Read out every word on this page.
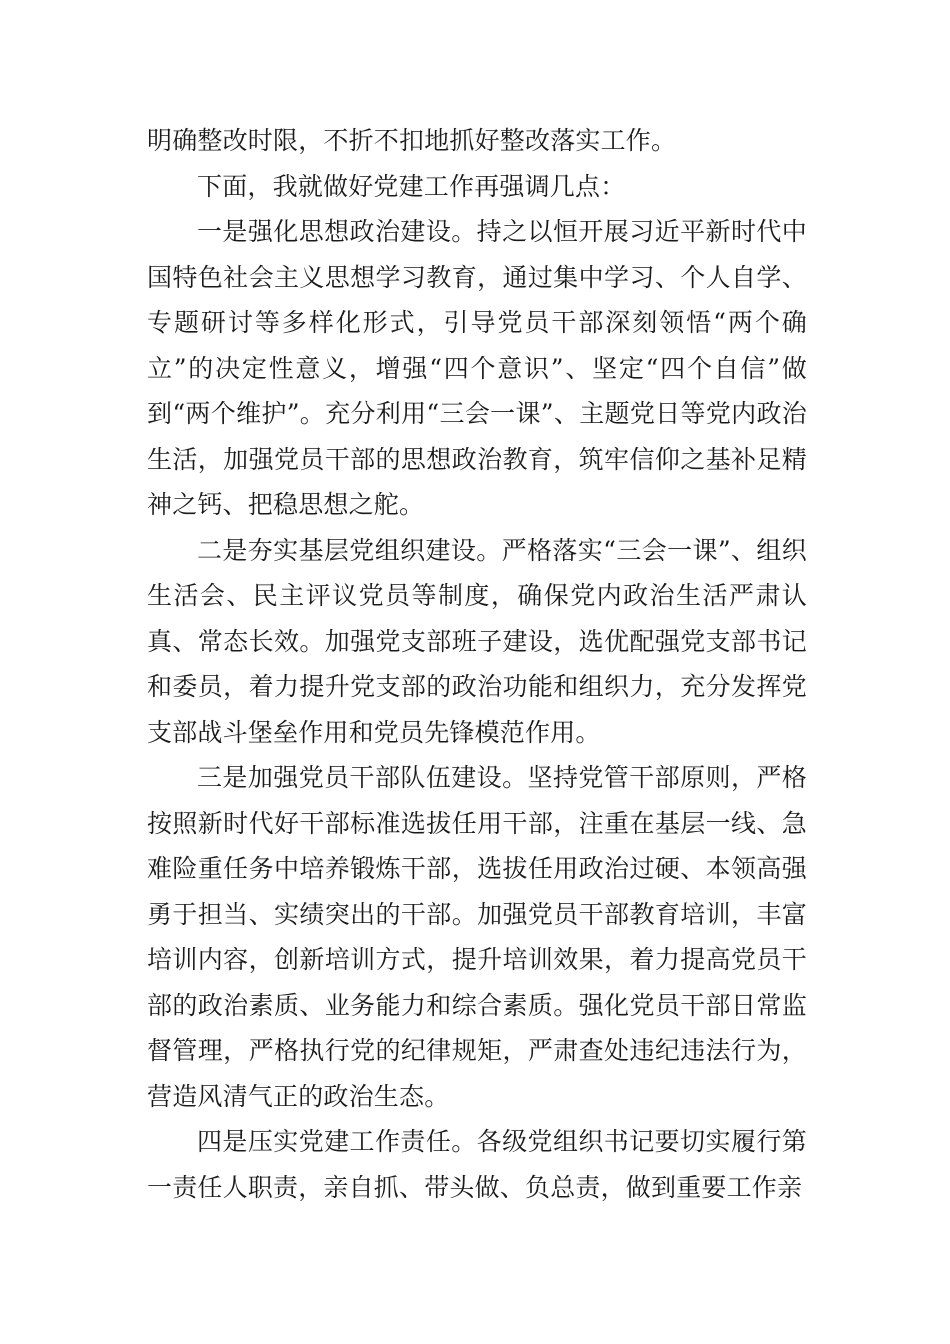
明确整改时限，不折不扣地抓好整改落实工作。

下面，我就做好党建工作再强调几点：

一是强化思想政治建设。持之以恒开展习近平新时代中国特色社会主义思想学习教育，通过集中学习、个人自学、专题研讨等多样化形式，引导党员干部深刻领悟“两个确立”的决定性意义，增强“四个意识”、坚定“四个自信”做到“两个维护”。充分利用“三会一课”、主题党日等党内政治生活，加强党员干部的思想政治教育，筑牢信仰之基补足精神之钙、把稳思想之舵。

二是夯实基层党组织建设。严格落实“三会一课”、组织生活会、民主评议党员等制度，确保党内政治生活严肃认真、常态长效。加强党支部班子建设，选优配强党支部书记和委员，着力提升党支部的政治功能和组织力，充分发挥党支部战斗堡垒作用和党员先锋模范作用。

三是加强党员干部队伍建设。坚持党管干部原则，严格按照新时代好干部标准选拔任用干部，注重在基层一线、急难险重任务中培养锻炼干部，选拔任用政治过硬、本领高强勇于担当、实绩突出的干部。加强党员干部教育培训，丰富培训内容，创新培训方式，提升培训效果，着力提高党员干部的政治素质、业务能力和综合素质。强化党员干部日常监督管理，严格执行党的纪律规矩，严肃查处违纪违法行为，营造风清气正的政治生态。

四是压实党建工作责任。各级党组织书记要切实履行第一责任人职责，亲自抓、带头做、负总责，做到重要工作亲
